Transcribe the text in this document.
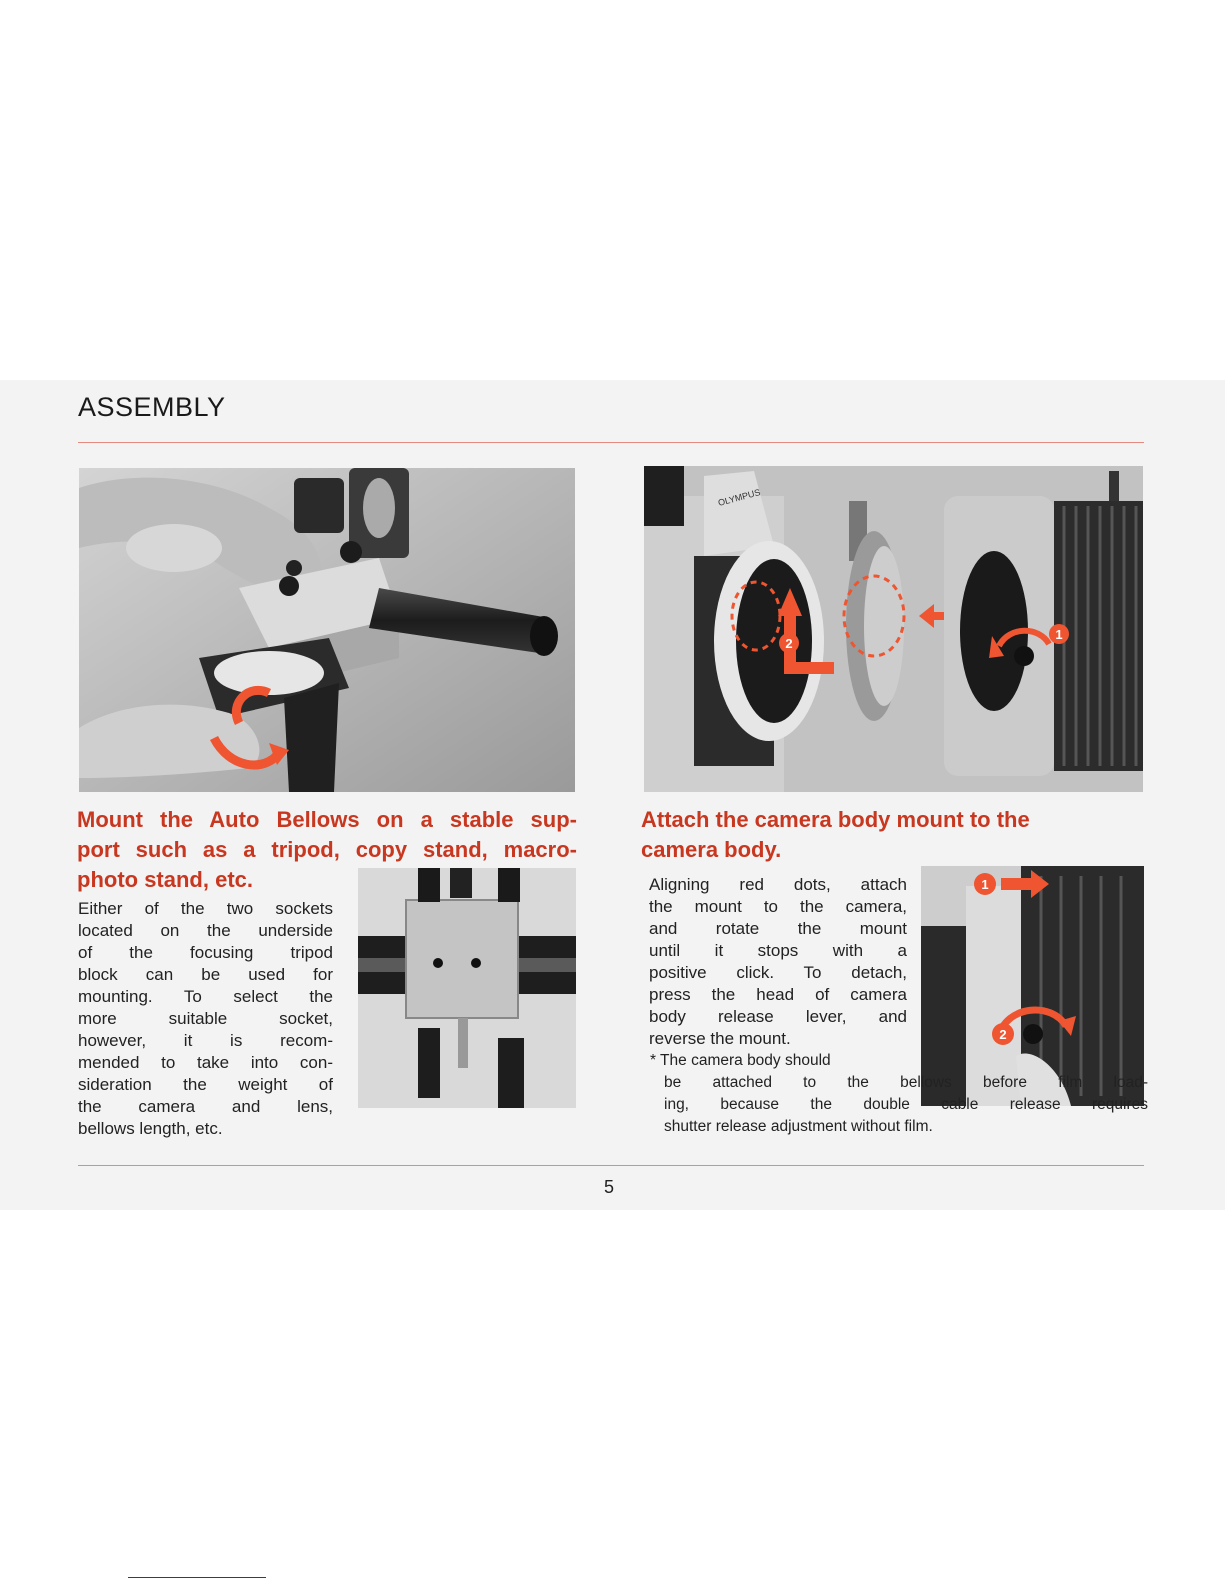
ASSEMBLY
OLYMPUS
2
1
Mount the Auto Bellows on a stable sup-
port such as a tripod, copy stand, macro-
photo stand, etc.
Either of the two sockets
located on the underside
of the focusing tripod
block can be used for
mounting. To select the
more suitable socket,
however, it is recom-
mended to take into con-
sideration the weight of
the camera and lens,
bellows length, etc.
Attach the camera body mount to the
camera body.
Aligning red dots, attach
the mount to the camera,
and rotate the mount
until it stops with a
positive click. To detach,
press the head of camera
body release lever, and
reverse the mount.
1
2
* The camera body should
be attached to the bellows before film load-
ing, because the double cable release requires
shutter release adjustment without film.
5
